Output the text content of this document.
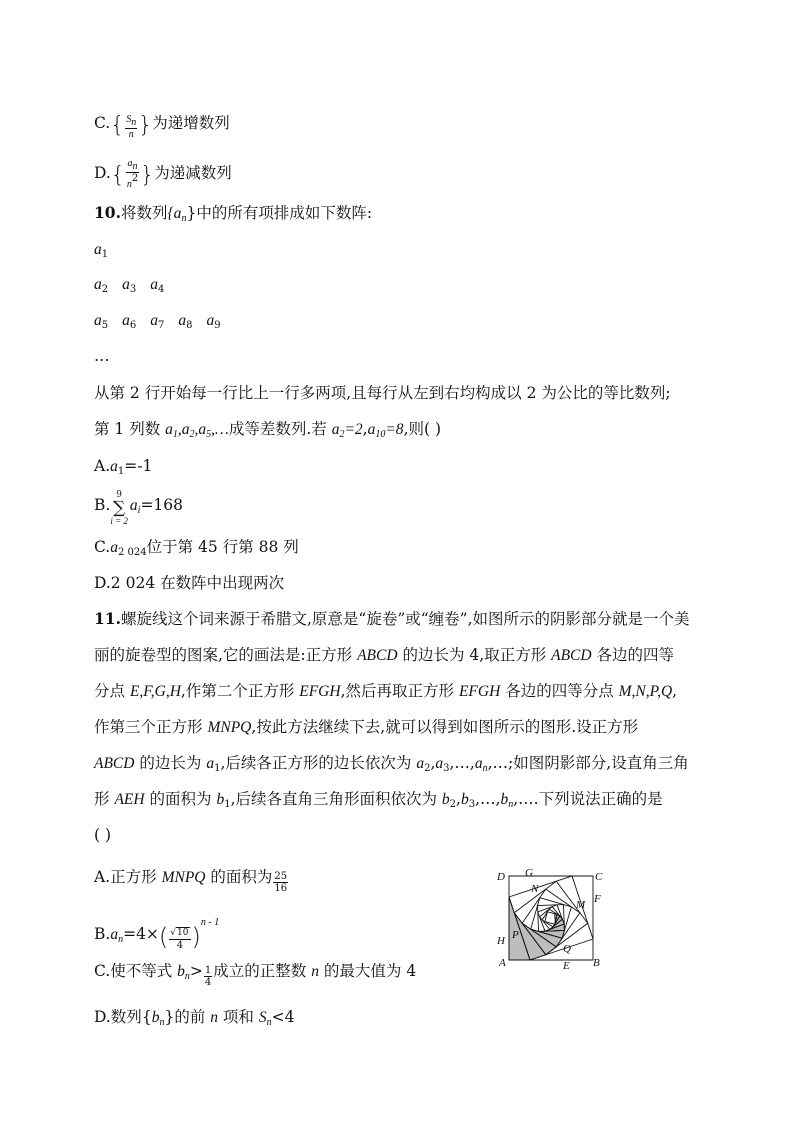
$C.\{ \frac{S_n}{n}$ }为递增数列
$D.\{ \frac{a_n}{n^2}$ }为递减数列
10.将数列$\{a_n\}$中的所有项排成如下数阵:
$a_1$
$a_2$ $a_3$ $a_4$
$a_5$ $a_6$ $a_7$ $a_8$ $a_9$
…
从第 2 行开始每一行比上一行多两项,且每行从左到右均构成以 2 为公比的等比数列;
第 1 列数 $a_1,a_2,a_5,\dots$成等差数列.若 $a_2=2,a_{10}=8$,则( )
$A.a_1=-1$
B.9
∑
$i = 2a_i=168$
$C.a_{2 024}$位于第 45 行第 88 列
D.2 024 在数阵中出现两次
11.螺旋线这个词来源于希腊文,原意是“旋卷”或“缠卷”,如图所示的阴影部分就是一个美
丽的旋卷型的图案,它的画法是:正方形 ABCD 的边长为 4,取正方形 ABCD 各边的四等
分点 E,F,G,H,作第二个正方形 EFGH,然后再取正方形 EFGH 各边的四等分点 M,N,P,Q,
作第三个正方形 MNPQ,按此方法继续下去,就可以得到如图所示的图形.设正方形
ABCD 的边长为 $a_1$,后续各正方形的边长依次为 $a_2,a_3,\dots,a_n,\dots$;如图阴影部分,设直角三角
形 AEH 的面积为 $b_1$,后续各直角三角形面积依次为 $b_2,b_3,\dots,b_n,\dots$.下列说法正确的是
( )
A.正方形 MNPQ 的面积为 $\frac{25}{16}$
$B.a_n=4\times( \frac{√10}{4} )^{n - 1}$
C.使不等式 $b_n> \frac{1}{4}$ 成立的正整数 n 的最大值为 4
D.数列$\{b_n\}$的前 n 项和 $S_n<4$
D G	C
N
M F
H P
Q
A	E B
